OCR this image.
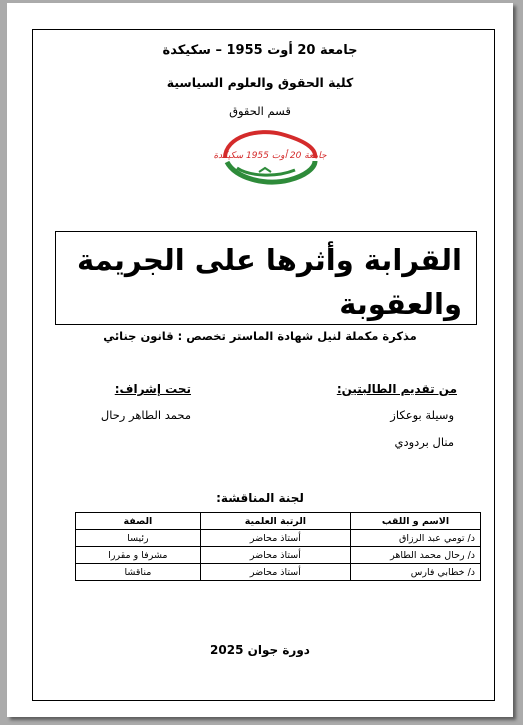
جامعة 20 أوت 1955 – سكيكدة
كلية الحقوق والعلوم السياسية
قسم الحقوق
جامعة 20 أوت 1955 سكيكدة
القرابة وأثرها على الجريمة والعقوبة
مذكرة مكملة لنيل شهادة الماستر تخصص : قانون جنائي
من تقديم الطالبتين:
وسيلة بوعكاز
منال بردودي
تحت إشراف:
محمد الطاهر رحال
لجنة المناقشة:
الاسم و اللقب	الرتبة العلمية	الصفة
د/ تومي عبد الرزاق	أستاذ محاضر	رئيسا
د/ رحال محمد الطاهر	أستاذ محاضر	مشرفا و مقررا
د/ خطابي فارس	أستاذ محاضر	مناقشا
دورة جوان 2025
